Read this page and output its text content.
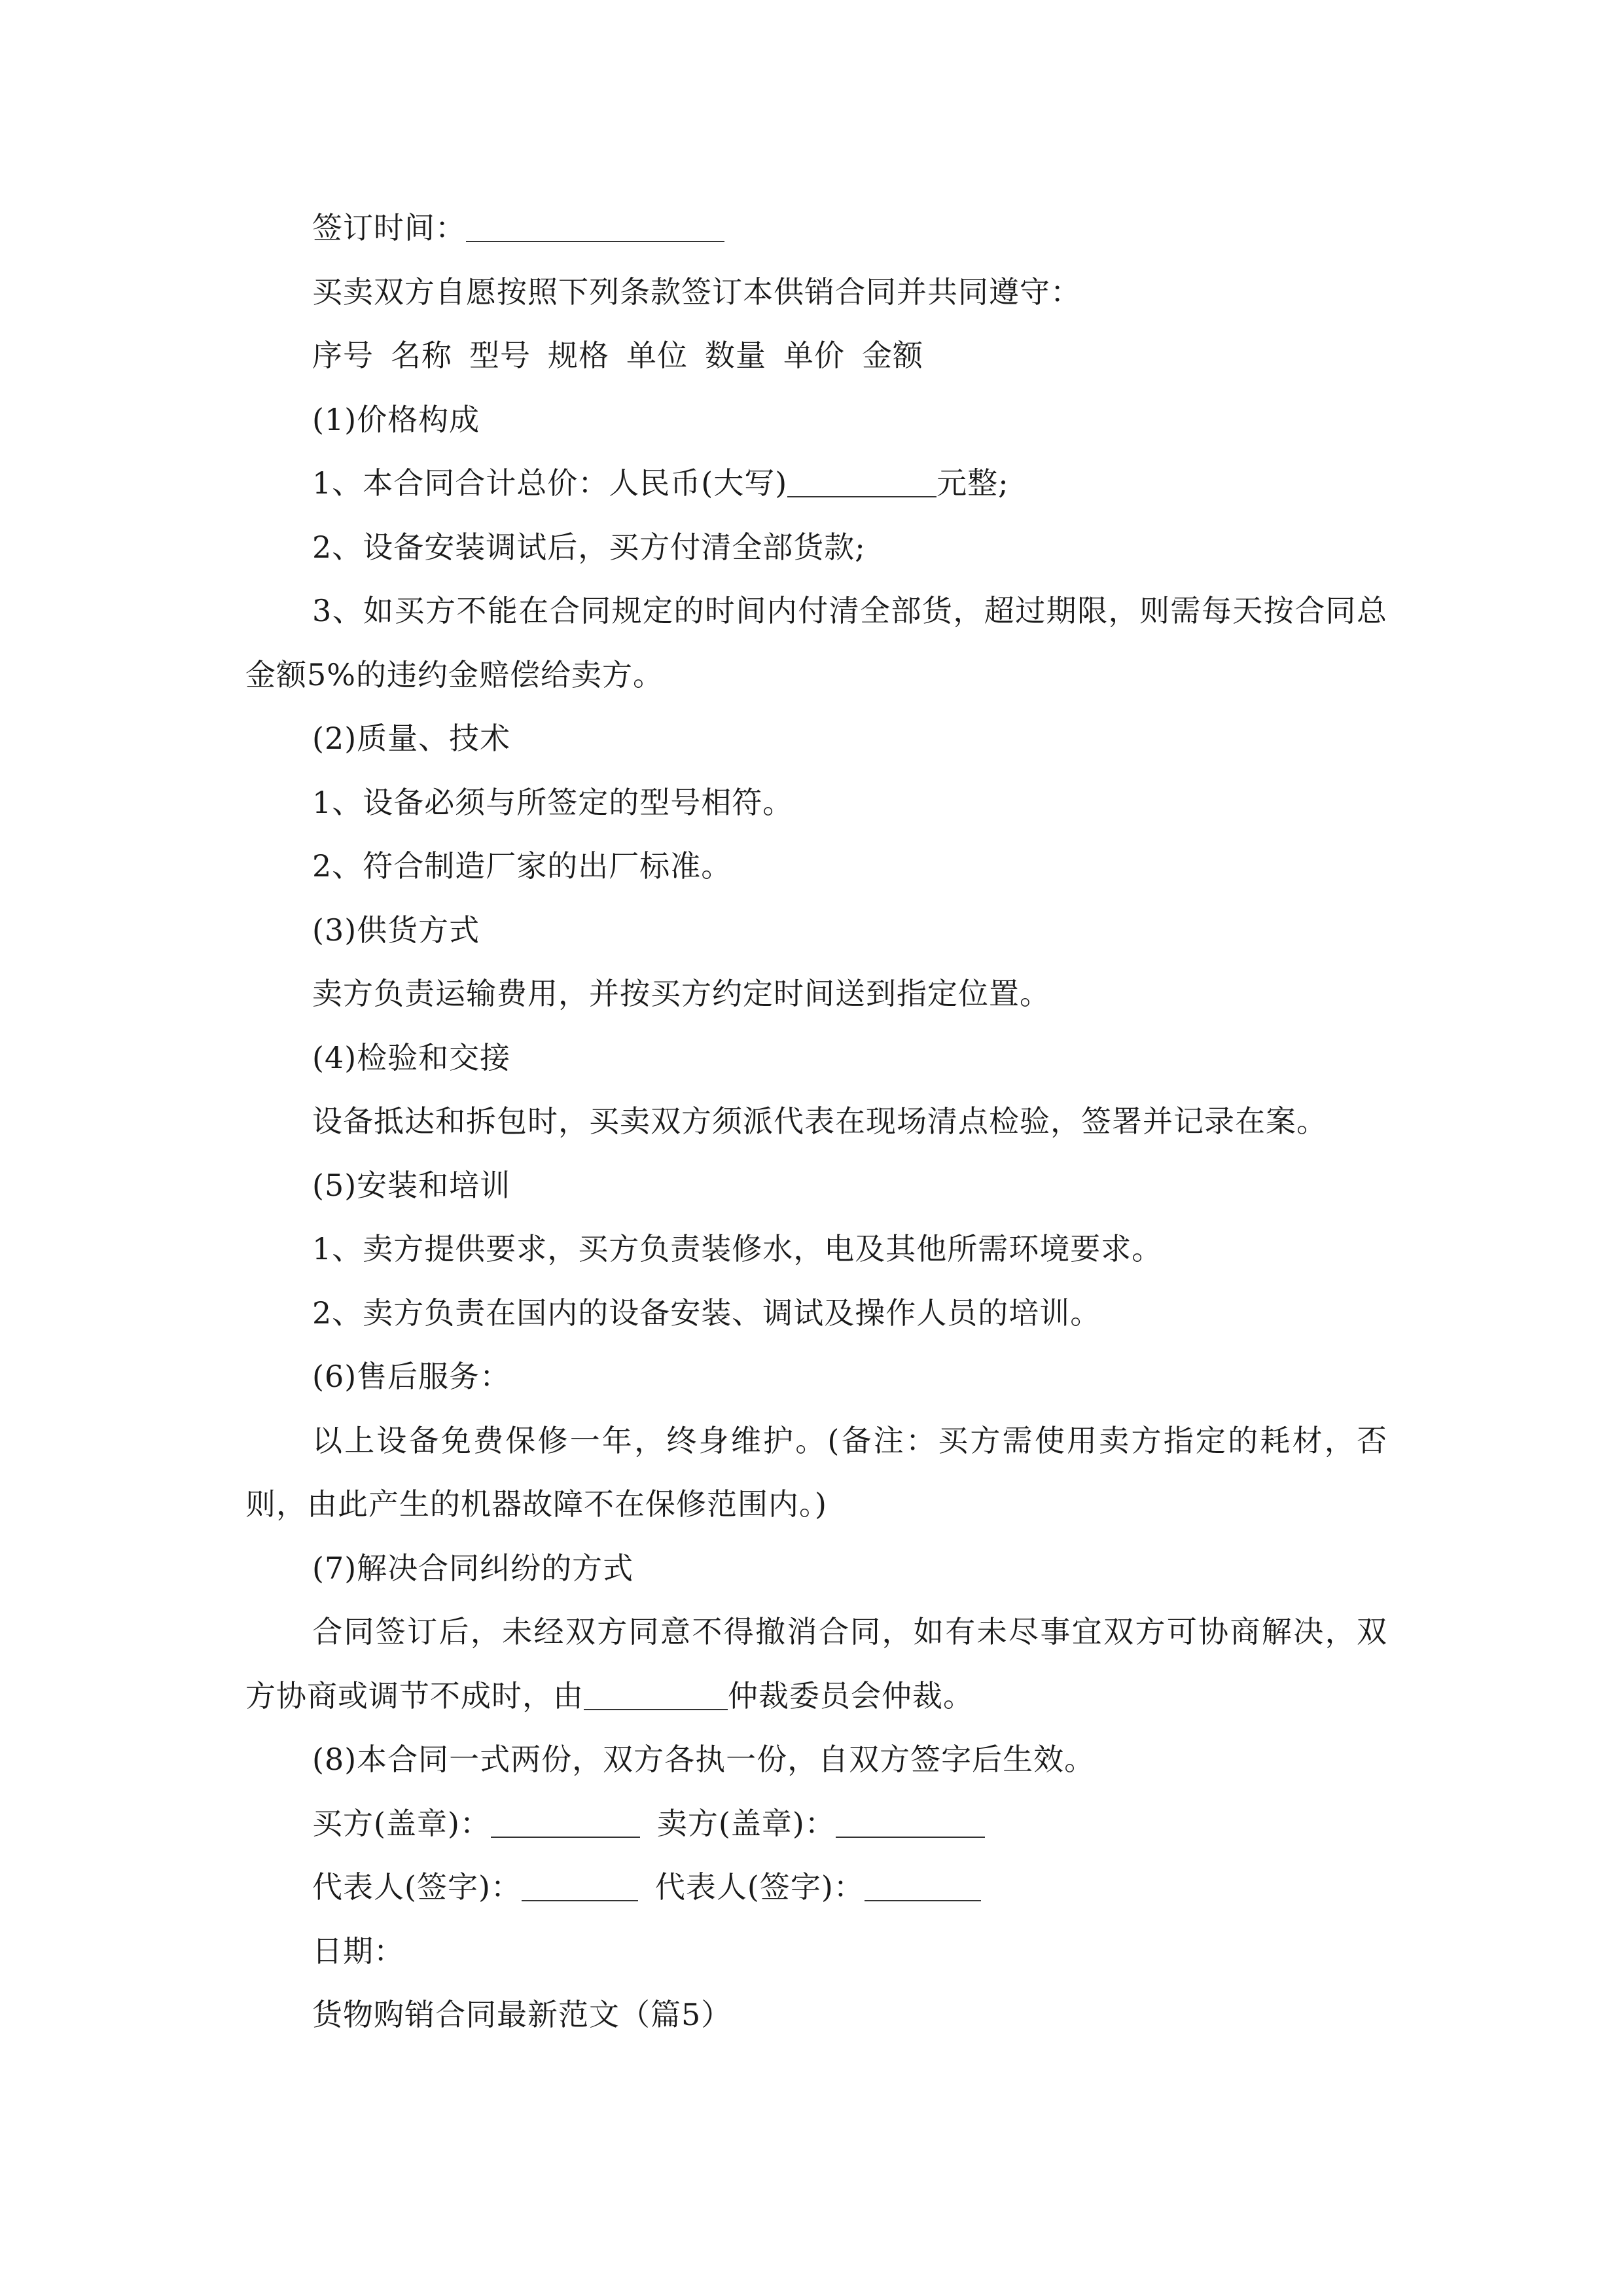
签订时间：

买卖双方自愿按照下列条款签订本供销合同并共同遵守：

序号 名称 型号 规格 单位 数量 单价 金额

(1)价格构成

1、本合同合计总价：人民币(大写)	元整;

2、设备安装调试后，买方付清全部货款;

3、如买方不能在合同规定的时间内付清全部货，超过期限，则需每天按合同总金额5%的违约金赔偿给卖方。

(2)质量、技术

1、设备必须与所签定的型号相符。

2、符合制造厂家的出厂标准。

(3)供货方式

卖方负责运输费用，并按买方约定时间送到指定位置。

(4)检验和交接

设备抵达和拆包时，买卖双方须派代表在现场清点检验，签署并记录在案。

(5)安装和培训

1、卖方提供要求，买方负责装修水，电及其他所需环境要求。

2、卖方负责在国内的设备安装、调试及操作人员的培训。

(6)售后服务：

以上设备免费保修一年，终身维护。(备注：买方需使用卖方指定的耗材，否则，由此产生的机器故障不在保修范围内。)

(7)解决合同纠纷的方式

合同签订后，未经双方同意不得撤消合同，如有未尽事宜双方可协商解决，双方协商或调节不成时，由	仲裁委员会仲裁。

(8)本合同一式两份，双方各执一份，自双方签字后生效。

买方(盖章)：	卖方(盖章)：

代表人(签字)：	代表人(签字)：

日期：

货物购销合同最新范文（篇5）
